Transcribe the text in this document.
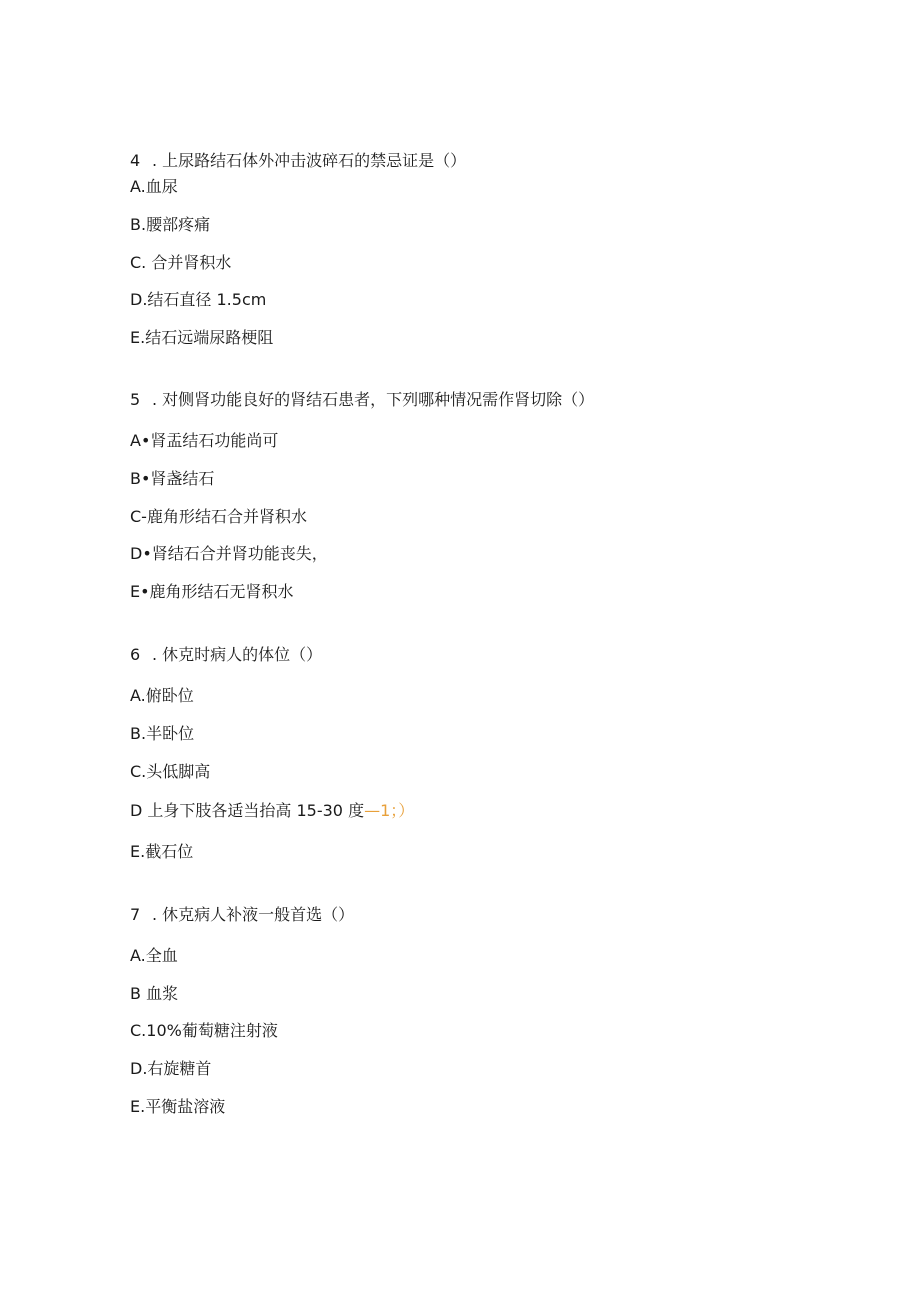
4 . 上尿路结石体外冲击波碎石的禁忌证是（）
A.血尿
B.腰部疼痛
C. 合并肾积水
D.结石直径 1.5cm
E.结石远端尿路梗阻
5 . 对侧肾功能良好的肾结石患者，下列哪种情况需作肾切除（）
A•肾盂结石功能尚可
B•肾盏结石
C-鹿角形结石合并肾积水
D•肾结石合并肾功能丧失，
E•鹿角形结石无肾积水
6 . 休克时病人的体位（）
A.俯卧位
B.半卧位
C.头低脚高
D 上身下肢各适当抬高 15-30 度—1；）
E.截石位
7 . 休克病人补液一般首选（）
A.全血
B 血浆
C.10%葡萄糖注射液
D.右旋糖首
E.平衡盐溶液
